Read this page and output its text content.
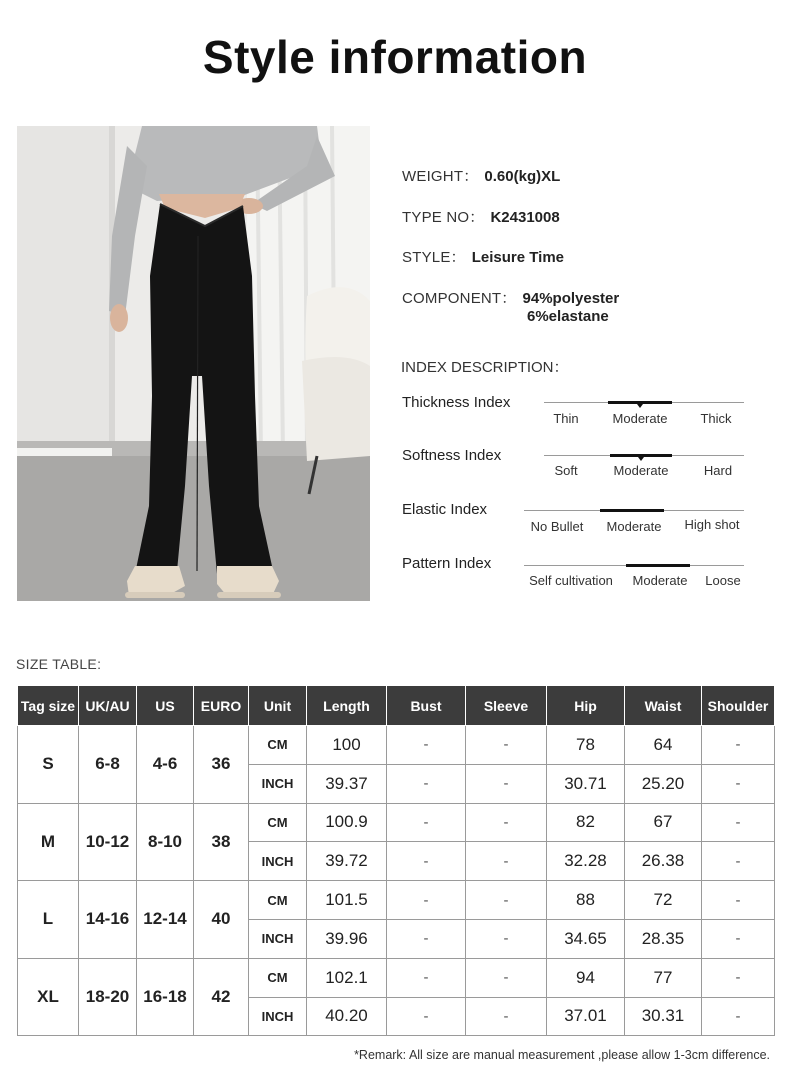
Style information
WEIGHT： 0.60(kg)XL
TYPE NO： K2431008
STYLE： Leisure Time
COMPONENT： 94%polyester
6%elastane
INDEX DESCRIPTION：
Thickness Index
Thin	Moderate	Thick
Softness Index
Soft	Moderate	Hard
Elastic Index
No Bullet	Moderate	High shot
Pattern Index
Self cultivation	Moderate	Loose
SIZE TABLE:
Tag size	UK/AU	US	EURO	Unit	Length	Bust	Sleeve	Hip	Waist	Shoulder
S	6-8	4-6	36	CM	100	-	-	78	64	-
				INCH	39.37	-	-	30.71	25.20	-
M	10-12	8-10	38	CM	100.9	-	-	82	67	-
				INCH	39.72	-	-	32.28	26.38	-
L	14-16	12-14	40	CM	101.5	-	-	88	72	-
				INCH	39.96	-	-	34.65	28.35	-
XL	18-20	16-18	42	CM	102.1	-	-	94	77	-
				INCH	40.20	-	-	37.01	30.31	-
*Remark: All size are manual measurement ,please allow 1-3cm difference.
